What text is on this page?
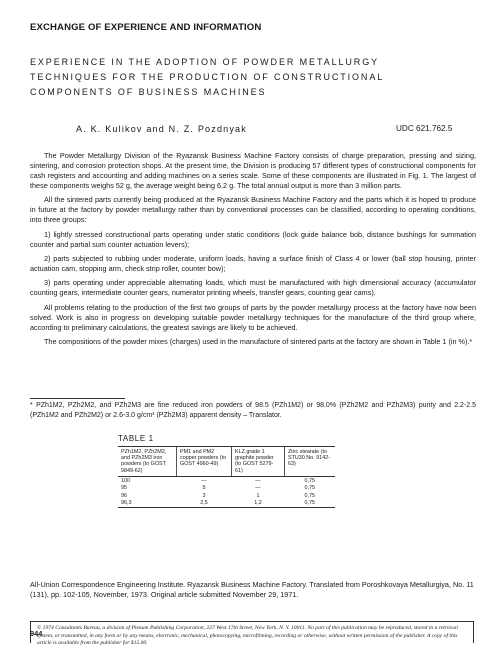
EXCHANGE OF EXPERIENCE AND INFORMATION
EXPERIENCE IN THE ADOPTION OF POWDER METALLURGY TECHNIQUES FOR THE PRODUCTION OF CONSTRUCTIONAL COMPONENTS OF BUSINESS MACHINES
A. K. Kulikov and N. Z. Pozdnyak	UDC 621.762.5

The Powder Metallurgy Division of the Ryazansk Business Machine Factory consists of charge preparation, pressing and sizing, sintering, and corrosion protection shops. At the present time, the Division is producing 57 different types of constructional components for cash registers and accounting and adding machines on a series scale. Some of these components are illustrated in Fig. 1. The largest of these components weighs 52 g, the average weight being 6.2 g. The total annual output is more than 3 million parts.

All the sintered parts currently being produced at the Ryazansk Business Machine Factory and the parts which it is hoped to produce in future at the factory by powder metallurgy rather than by conventional processes can be classified, according to operating conditions, into three groups:

1) lightly stressed constructional parts operating under static conditions (lock guide balance bob, distance bushings for summation counter and partial sum counter actuation levers);

2) parts subjected to rubbing under moderate, uniform loads, having a surface finish of Class 4 or lower (ball stop housing, printer actuation cam, stopping arm, check strip roller, counter bow);

3) parts operating under appreciable alternating loads, which must be manufactured with high dimensional accuracy (accumulator counting gears, intermediate counter gears, numerator printing wheels, transfer gears, counting gear cams).

All problems relating to the production of the first two groups of parts by the powder metallurgy process at the factory have now been solved. Work is also in progress on developing suitable powder metallurgy techniques for the manufacture of the third group where, according to preliminary calculations, the greatest savings are likely to be achieved.

The compositions of the powder mixes (charges) used in the manufacture of sintered parts at the factory are shown in Table 1 (in %).*

* PZh1M2, PZh2M2, and PZh2M3 are fine reduced iron powders of 98.5 (PZh1M2) or 98.0% (PZh2M2 and PZh2M3) purity and 2.2-2.5 (PZh1M2 and PZh2M2) or 2.6-3.0 g/cm³ (PZh2M3) apparent density – Translator.
TABLE 1
PZh1M2, PZh2M2, and PZh2M3 iron powders (to GOST 9849-62)	PM1 and PM2 copper powders (to GOST 4960-49)	KLZ grade 1 graphite powder (to GOST 5279-61)	Zinc stearate (to STU30 No. 9142-63)
100	—	—	0,75
95	5	—	0,75
96	3	1	0,75
96,3	2,5	1,2	0,75
All-Union Correspondence Engineering Institute. Ryazansk Business Machine Factory. Translated from Poroshkovaya Metallurgiya, No. 11 (131), pp. 102-105, November, 1973. Original article submitted November 29, 1971.
© 1974 Consultants Bureau, a division of Plenum Publishing Corporation, 227 West 17th Street, New York, N. Y. 10011. No part of this publication may be reproduced, stored in a retrieval system, or transmitted, in any form or by any means, electronic, mechanical, photocopying, microfilming, recording or otherwise, without written permission of the publisher. A copy of this article is available from the publisher for $15.00.
944
